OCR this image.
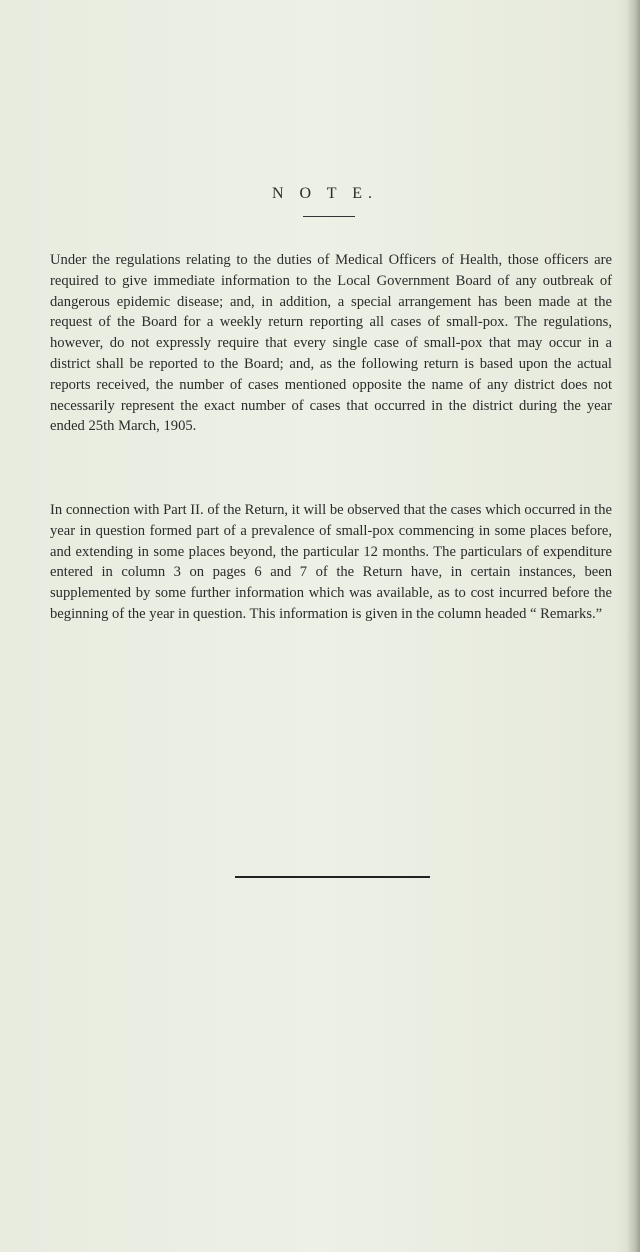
N O T E.
Under the regulations relating to the duties of Medical Officers of Health, those officers are required to give immediate information to the Local Government Board of any outbreak of dangerous epidemic disease; and, in addition, a special arrangement has been made at the request of the Board for a weekly return reporting all cases of small-pox. The regulations, however, do not expressly require that every single case of small-pox that may occur in a district shall be reported to the Board; and, as the following return is based upon the actual reports received, the number of cases mentioned opposite the name of any district does not necessarily represent the exact number of cases that occurred in the district during the year ended 25th March, 1905.
In connection with Part II. of the Return, it will be observed that the cases which occurred in the year in question formed part of a prevalence of small-pox commencing in some places before, and extending in some places beyond, the particular 12 months. The particulars of expenditure entered in column 3 on pages 6 and 7 of the Return have, in certain instances, been supplemented by some further information which was available, as to cost incurred before the beginning of the year in question. This information is given in the column headed “ Remarks.”
